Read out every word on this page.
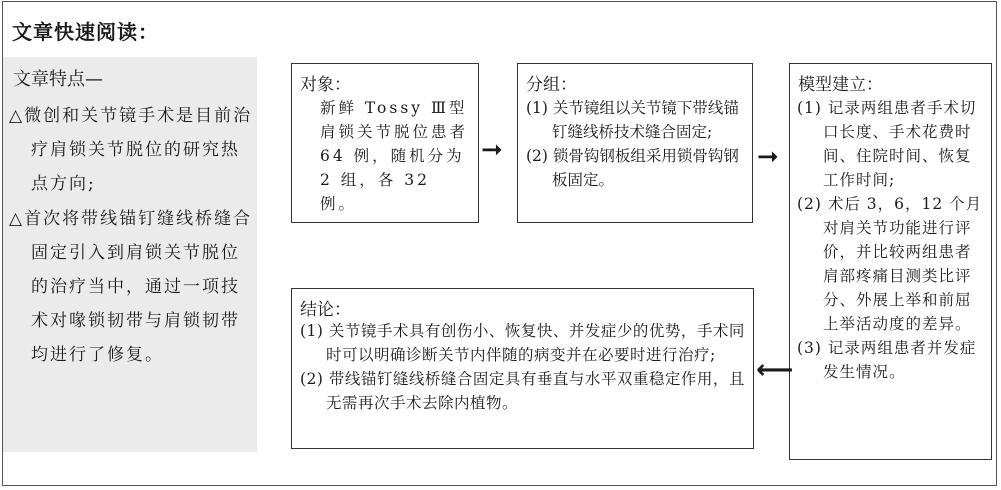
文章快速阅读：
文章特点—
△微创和关节镜手术是目前治疗肩锁关节脱位的研究热点方向;
△首次将带线锚钉缝线桥缝合固定引入到肩锁关节脱位的治疗当中，通过一项技术对喙锁韧带与肩锁韧带均进行了修复。
对象：
新鲜 Tossy Ⅲ型肩锁关节脱位患者 64 例，随机分为 2 组，各 32 例。
➞
分组：
(1) 关节镜组以关节镜下带线锚钉缝线桥技术缝合固定;
(2) 锁骨钩钢板组采用锁骨钩钢板固定。
➞
模型建立：
(1) 记录两组患者手术切口长度、手术花费时间、住院时间、恢复工作时间;
(2) 术后 3，6，12 个月对肩关节功能进行评价，并比较两组患者肩部疼痛目测类比评分、外展上举和前屈上举活动度的差异。
(3) 记录两组患者并发症发生情况。
⟵
结论：
(1) 关节镜手术具有创伤小、恢复快、并发症少的优势，手术同时可以明确诊断关节内伴随的病变并在必要时进行治疗;
(2) 带线锚钉缝线桥缝合固定具有垂直与水平双重稳定作用，且无需再次手术去除内植物。
